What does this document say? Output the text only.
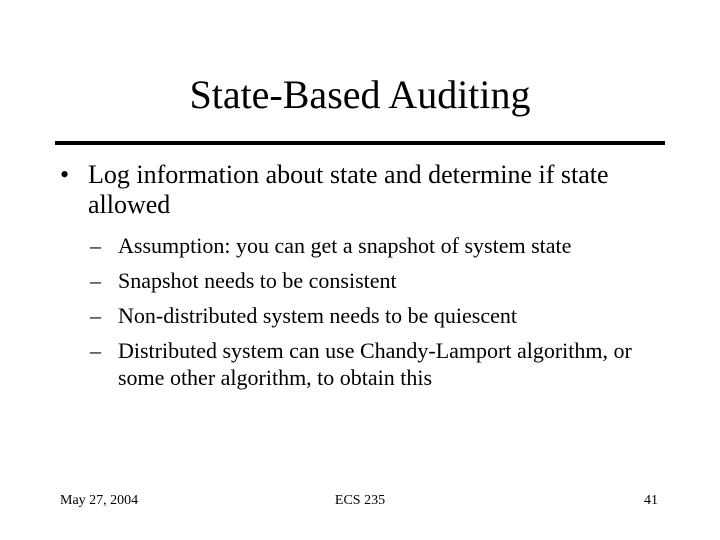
State-Based Auditing
• Log information about state and determine if state allowed
– Assumption: you can get a snapshot of system state
– Snapshot needs to be consistent
– Non-distributed system needs to be quiescent
– Distributed system can use Chandy-Lamport algorithm, or some other algorithm, to obtain this
May 27, 2004	ECS 235	41
